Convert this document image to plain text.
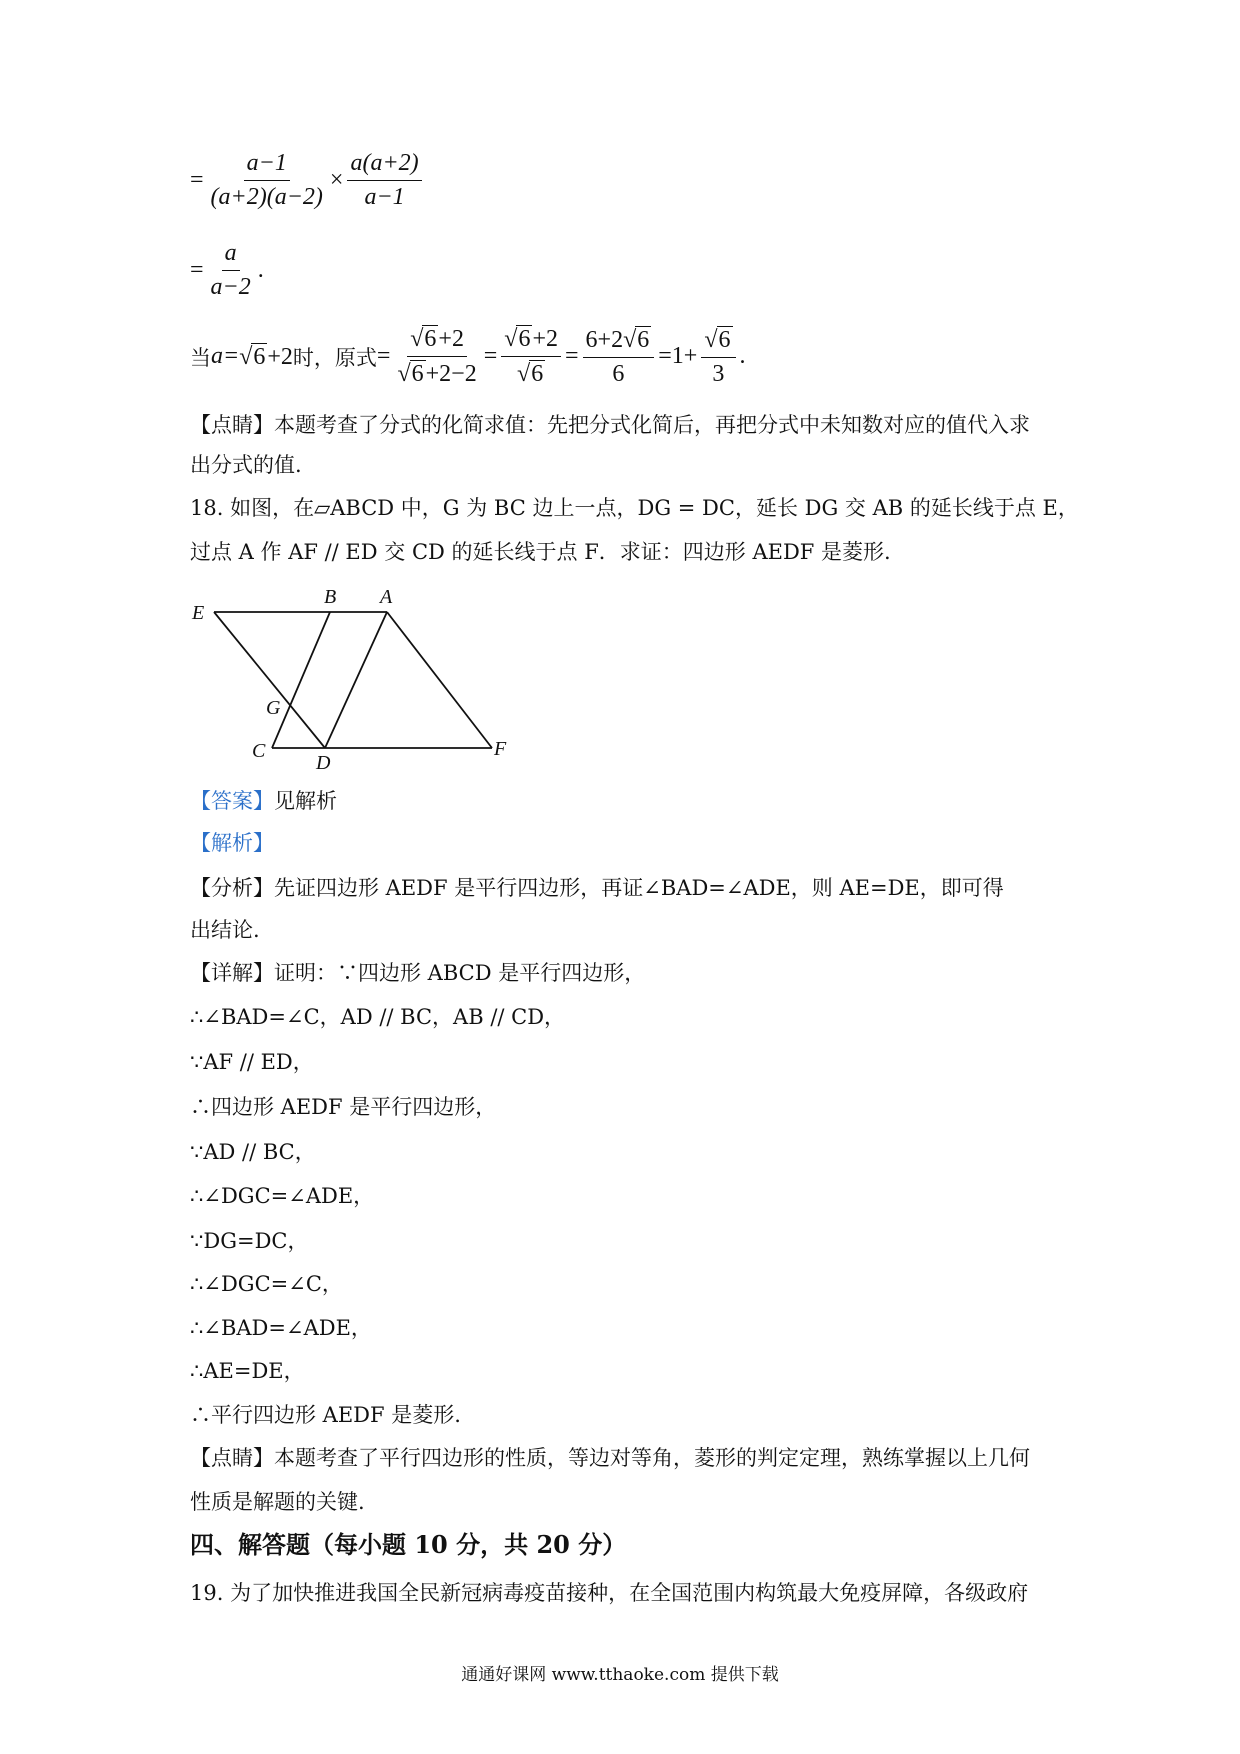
= $\frac{a-1}{(a+2)(a-2)} \times \frac{a(a+2)}{a-1}$
= $\frac{a}{a-2}$ .
当 a= √6+2 时，原式 = $\frac{√6+2}{√6+2-2} = \frac{√6+2}{√6} = \frac{6+2√6}{6} = 1+ \frac{√6}{3}$ .
【点睛】本题考查了分式的化简求值：先把分式化简后，再把分式中未知数对应的值代入求
出分式的值.
18. 如图，在▱ABCD 中，G 为 BC 边上一点，DG = DC，延长 DG 交 AB 的延长线于点 E，
过点 A 作 AF // ED 交 CD 的延长线于点 F．求证：四边形 AEDF 是菱形.
E
B A
G
C
D
F
【答案】见解析
【解析】
【分析】先证四边形 AEDF 是平行四边形，再证∠BAD=∠ADE，则 AE=DE，即可得
出结论.
【详解】证明：∵四边形 ABCD 是平行四边形，
∴∠BAD=∠C，AD // BC，AB // CD，
∵AF // ED，
∴四边形 AEDF 是平行四边形，
∵AD // BC，
∴∠DGC=∠ADE，
∵DG=DC，
∴∠DGC=∠C，
∴∠BAD=∠ADE，
∴AE=DE，
∴平行四边形 AEDF 是菱形.
【点睛】本题考查了平行四边形的性质，等边对等角，菱形的判定定理，熟练掌握以上几何
性质是解题的关键.
四、解答题（每小题 10 分，共 20 分）
19. 为了加快推进我国全民新冠病毒疫苗接种，在全国范围内构筑最大免疫屏障，各级政府
通通好课网 www.tthaoke.com 提供下载
